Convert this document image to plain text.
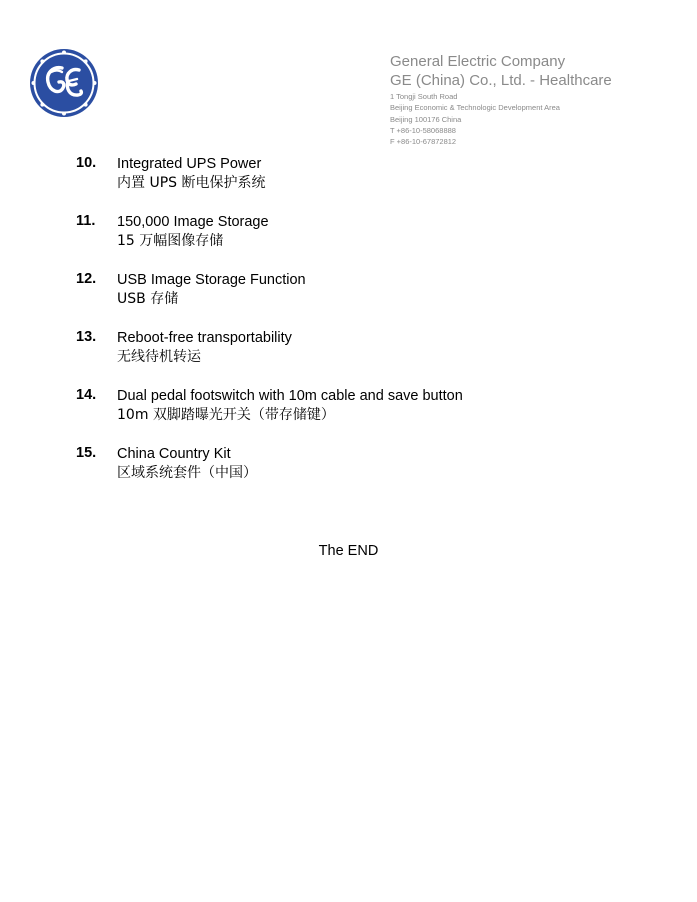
General Electric Company
GE (China) Co., Ltd. - Healthcare
1 Tongji South Road
Beijing Economic & Technologic Development Area
Beijing 100176 China
T +86-10-58068888
F +86-10-67872812
10. Integrated UPS Power
内置 UPS 断电保护系统
11. 150,000 Image Storage
15 万幅图像存储
12. USB Image Storage Function
USB 存储
13. Reboot-free transportability
无线待机转运
14. Dual pedal footswitch with 10m cable and save button
10m 双脚踏曝光开关（带存储键）
15. China Country Kit
区域系统套件（中国）
The END
